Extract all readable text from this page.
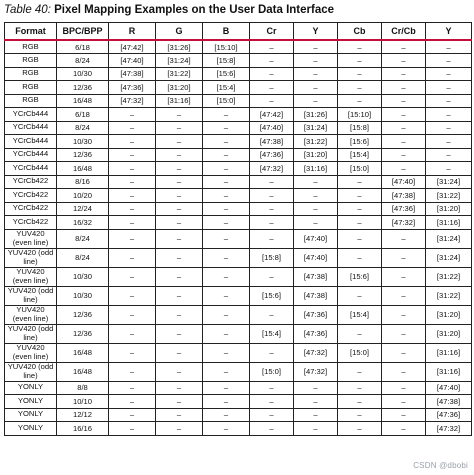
Table 40: Pixel Mapping Examples on the User Data Interface
Format	BPC/BPP	R	G	B	Cr	Y	Cb	Cr/Cb	Y
RGB	6/18	[47:42]	[31:26]	[15:10]	–	–	–	–	–
RGB	8/24	[47:40]	[31:24]	[15:8]	–	–	–	–	–
RGB	10/30	[47:38]	[31:22]	[15:6]	–	–	–	–	–
RGB	12/36	[47:36]	[31:20]	[15:4]	–	–	–	–	–
RGB	16/48	[47:32]	[31:16]	[15:0]	–	–	–	–	–
YCrCb444	6/18	–	–	–	[47:42]	[31:26]	[15:10]	–	–
YCrCb444	8/24	–	–	–	[47:40]	[31:24]	[15:8]	–	–
YCrCb444	10/30	–	–	–	[47:38]	[31:22]	[15:6]	–	–
YCrCb444	12/36	–	–	–	[47:36]	[31:20]	[15:4]	–	–
YCrCb444	16/48	–	–	–	[47:32]	[31:16]	[15:0]	–	–
YCrCb422	8/16	–	–	–	–	–	–	[47:40]	[31:24]
YCrCb422	10/20	–	–	–	–	–	–	[47:38]	[31:22]
YCrCb422	12/24	–	–	–	–	–	–	[47:36]	[31:20]
YCrCb422	16/32	–	–	–	–	–	–	[47:32]	[31:16]
YUV420 (even line)	8/24	–	–	–	–	[47:40]	–	–	[31:24]
YUV420 (odd line)	8/24	–	–	–	[15:8]	[47:40]	–	–	[31:24]
YUV420 (even line)	10/30	–	–	–	–	[47:38]	[15:6]	–	[31:22]
YUV420 (odd line)	10/30	–	–	–	[15:6]	[47:38]	–	–	[31:22]
YUV420 (even line)	12/36	–	–	–	–	[47:36]	[15:4]	–	[31:20]
YUV420 (odd line)	12/36	–	–	–	[15:4]	[47:36]	–	–	[31:20]
YUV420 (even line)	16/48	–	–	–	–	[47:32]	[15:0]	–	[31:16]
YUV420 (odd line)	16/48	–	–	–	[15:0]	[47:32]	–	–	[31:16]
YONLY	8/8	–	–	–	–	–	–	–	[47:40]
YONLY	10/10	–	–	–	–	–	–	–	[47:38]
YONLY	12/12	–	–	–	–	–	–	–	[47:36]
YONLY	16/16	–	–	–	–	–	–	–	[47:32]
CSDN @dbobi
